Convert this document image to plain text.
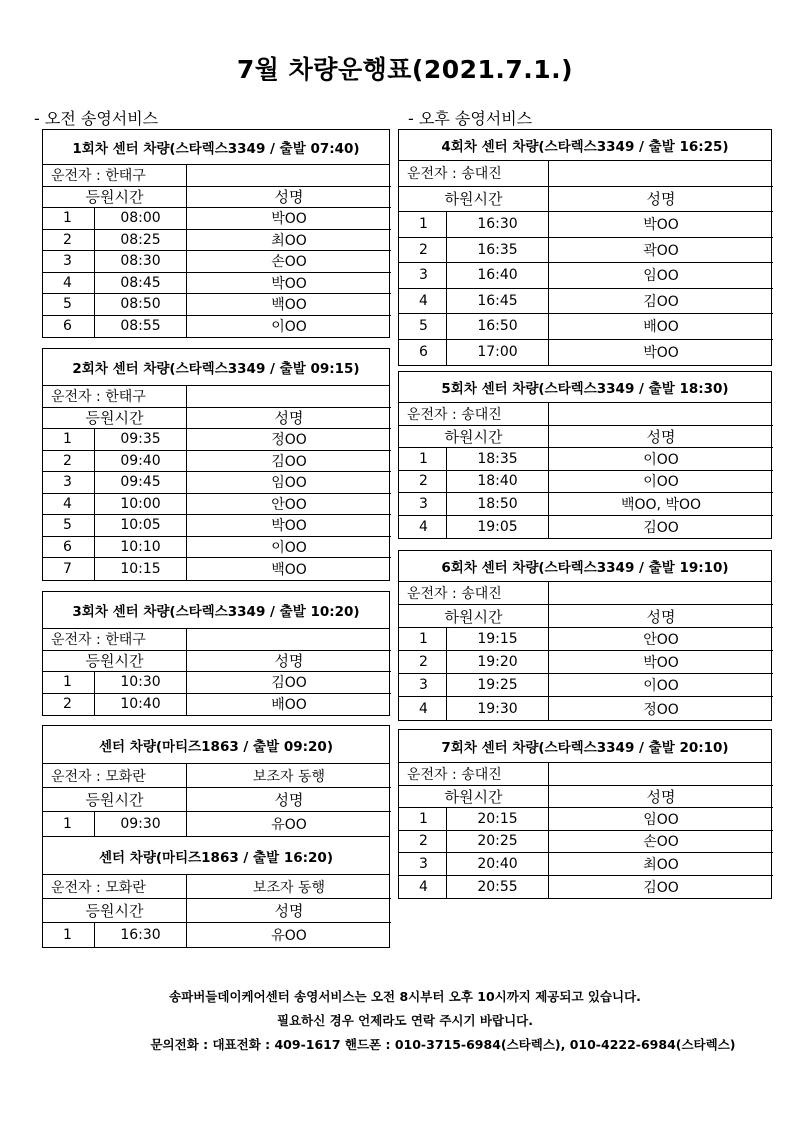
7월 차량운행표(2021.7.1.)
- 오전 송영서비스	- 오후 송영서비스
1회차 센터 차량(스타렉스3349 / 출발 07:40)
운전자 : 한태구
등원시간	성명
1	08:00	박OO
2	08:25	최OO
3	08:30	손OO
4	08:45	박OO
5	08:50	백OO
6	08:55	이OO
2회차 센터 차량(스타렉스3349 / 출발 09:15)
운전자 : 한태구
등원시간	성명
1	09:35	정OO
2	09:40	김OO
3	09:45	임OO
4	10:00	안OO
5	10:05	박OO
6	10:10	이OO
7	10:15	백OO
3회차 센터 차량(스타렉스3349 / 출발 10:20)
운전자 : 한태구
등원시간	성명
1	10:30	김OO
2	10:40	배OO
센터 차량(마티즈1863 / 출발 09:20)
운전자 : 모화란	보조자 동행
등원시간	성명
1	09:30	유OO
센터 차량(마티즈1863 / 출발 16:20)
운전자 : 모화란	보조자 동행
등원시간	성명
1	16:30	유OO
4회차 센터 차량(스타렉스3349 / 출발 16:25)
운전자 : 송대진
하원시간	성명
1	16:30	박OO
2	16:35	곽OO
3	16:40	임OO
4	16:45	김OO
5	16:50	배OO
6	17:00	박OO
5회차 센터 차량(스타렉스3349 / 출발 18:30)
운전자 : 송대진
하원시간	성명
1	18:35	이OO
2	18:40	이OO
3	18:50	백OO, 박OO
4	19:05	김OO
6회차 센터 차량(스타렉스3349 / 출발 19:10)
운전자 : 송대진
하원시간	성명
1	19:15	안OO
2	19:20	박OO
3	19:25	이OO
4	19:30	정OO
7회차 센터 차량(스타렉스3349 / 출발 20:10)
운전자 : 송대진
하원시간	성명
1	20:15	임OO
2	20:25	손OO
3	20:40	최OO
4	20:55	김OO
송파버들데이케어센터 송영서비스는 오전 8시부터 오후 10시까지 제공되고 있습니다.
필요하신 경우 언제라도 연락 주시기 바랍니다.
문의전화 : 대표전화 : 409-1617 핸드폰 : 010-3715-6984(스타렉스), 010-4222-6984(스타렉스)
